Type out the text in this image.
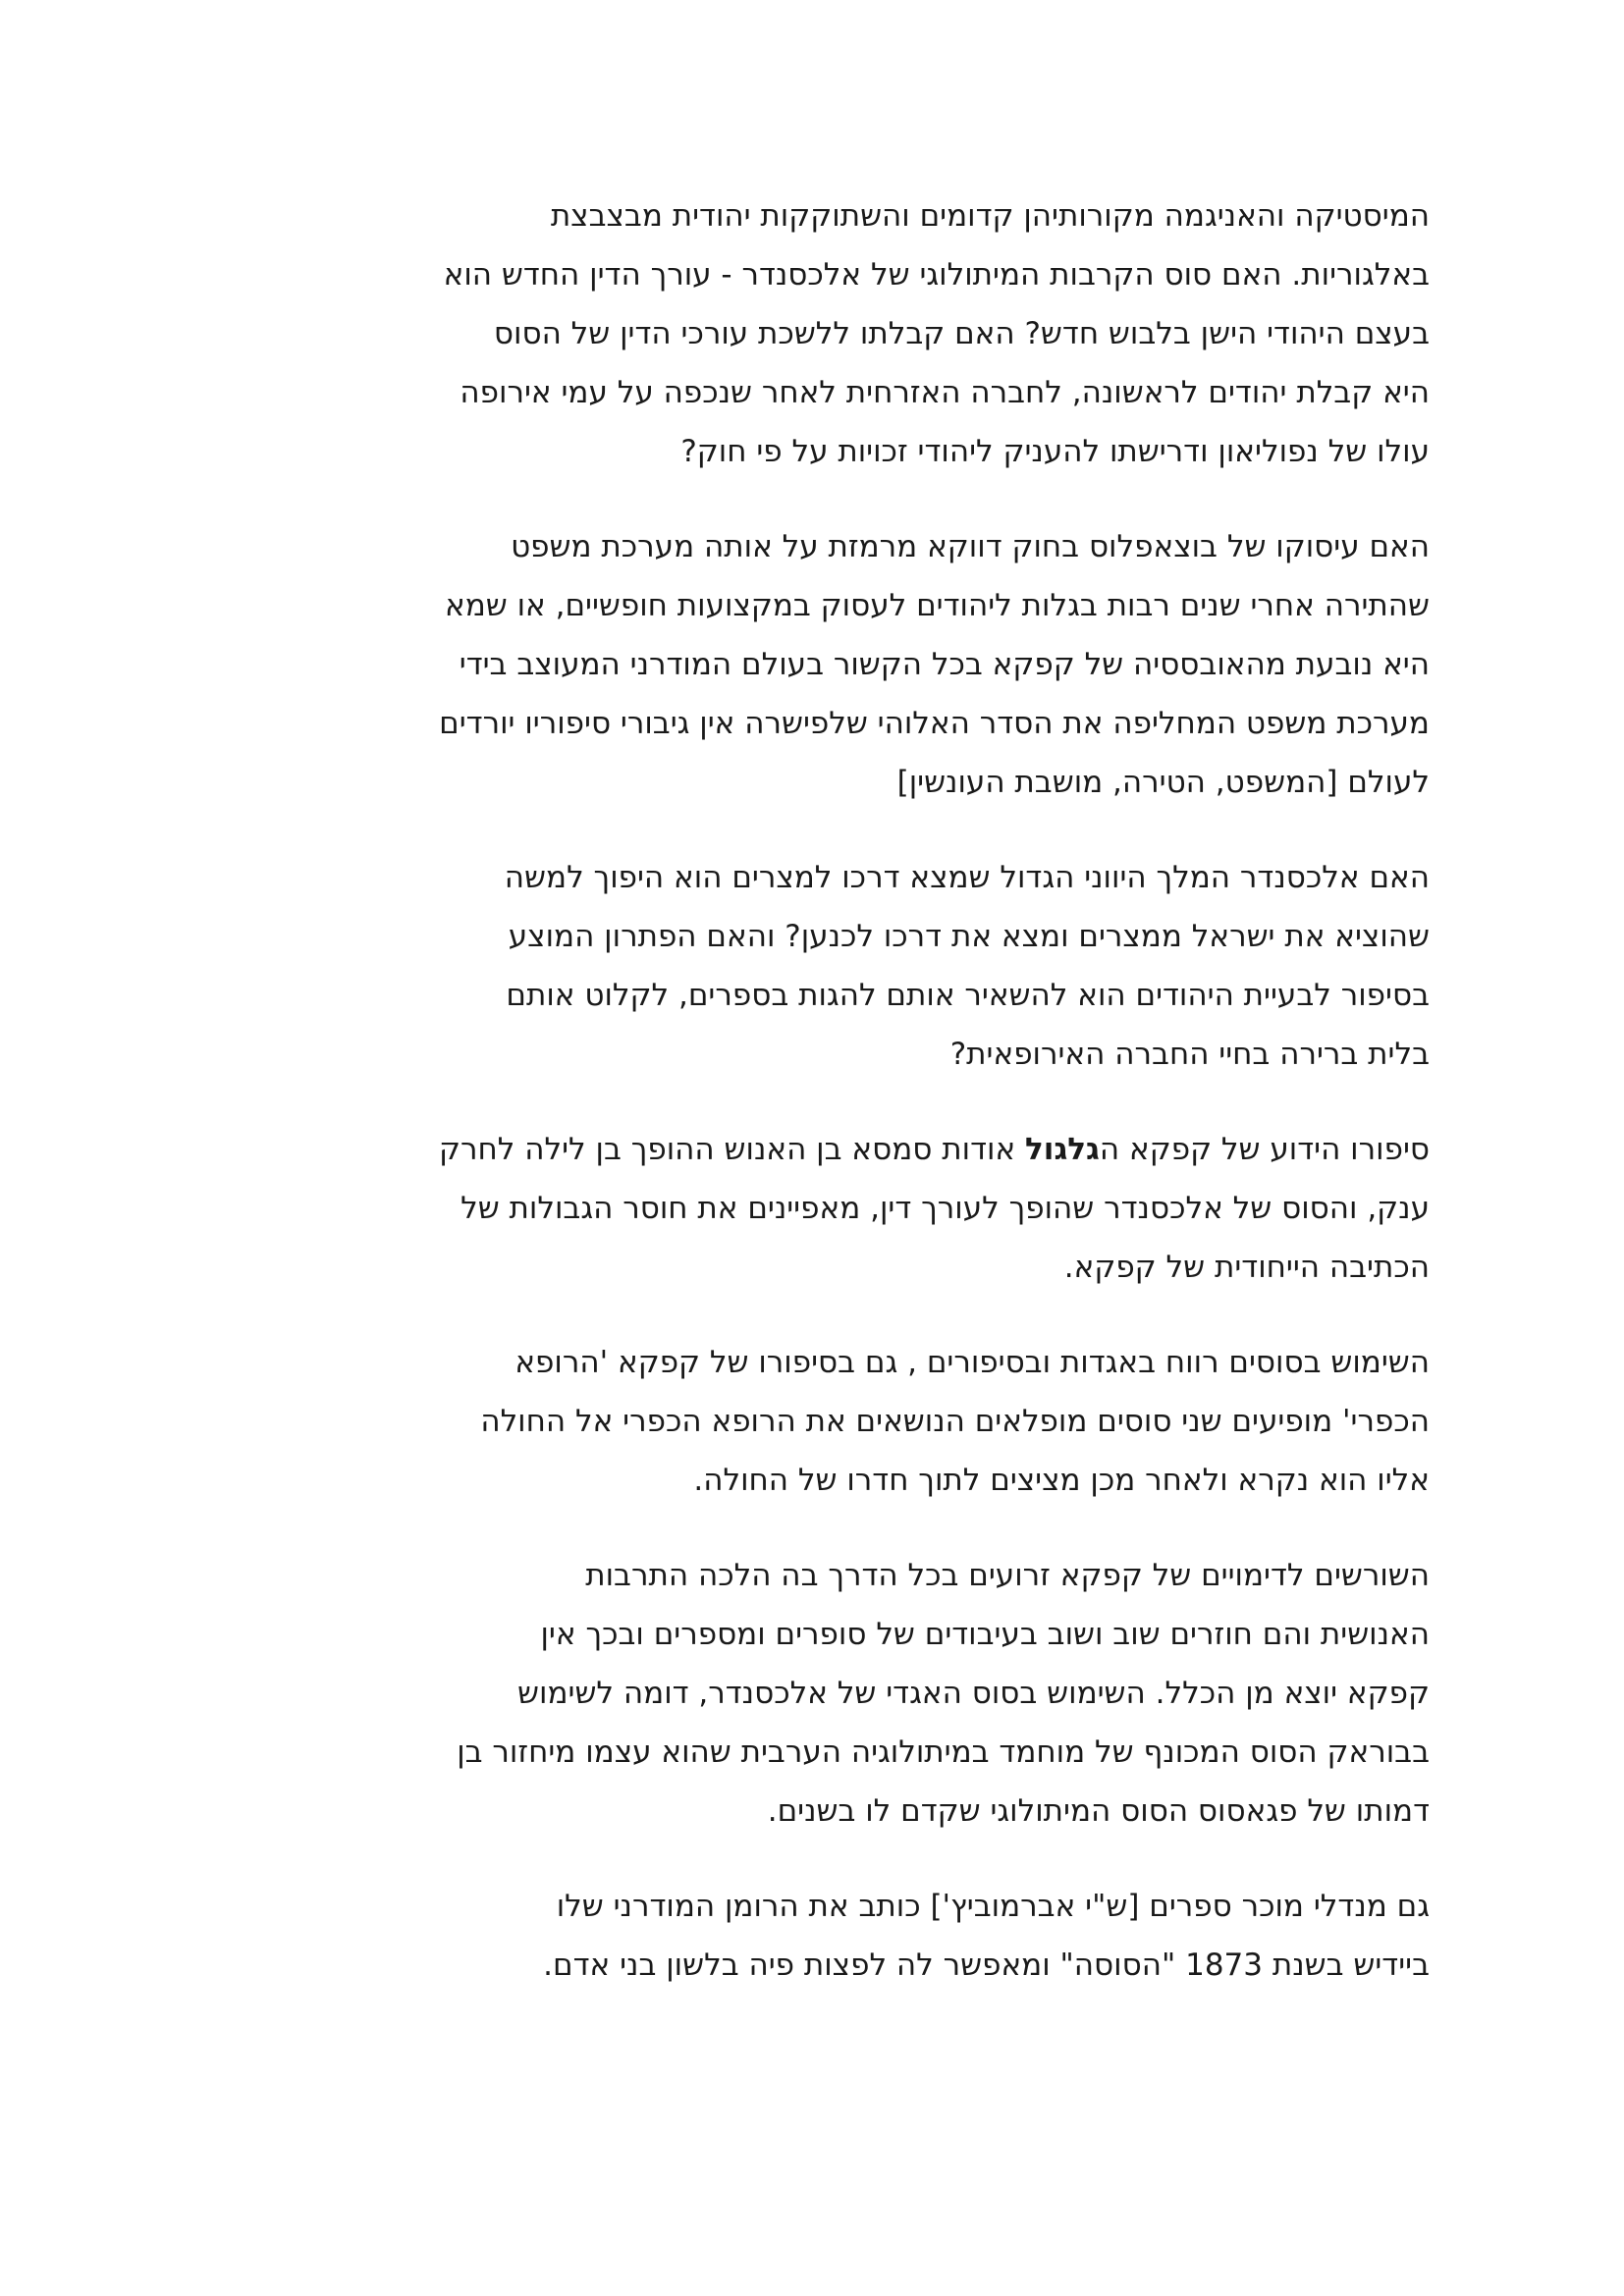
המיסטיקה והאניגמה מקורותיהן קדומים והשתוקקות יהודית מבצבצת
באלגוריות. האם סוס הקרבות המיתולוגי של אלכסנדר - עורך הדין החדש הוא
בעצם היהודי הישן בלבוש חדש? האם קבלתו ללשכת עורכי הדין של הסוס
היא קבלת יהודים לראשונה, לחברה האזרחית לאחר שנכפה על עמי אירופה
עולו של נפוליאון ודרישתו להעניק ליהודי זכויות על פי חוק?

האם עיסוקו של בוצאפלוס בחוק דווקא מרמזת על אותה מערכת משפט
שהתירה אחרי שנים רבות בגלות ליהודים לעסוק במקצועות חופשיים, או שמא
היא נובעת מהאובססיה של קפקא בכל הקשור בעולם המודרני המעוצב בידי
מערכת משפט המחליפה את הסדר האלוהי שלפישרה אין גיבורי סיפוריו יורדים
לעולם [המשפט, הטירה, מושבת העונשין]

האם אלכסנדר המלך היווני הגדול שמצא דרכו למצרים הוא היפוך למשה
שהוציא את ישראל ממצרים ומצא את דרכו לכנען? והאם הפתרון המוצע
בסיפור לבעיית היהודים הוא להשאיר אותם להגות בספרים, לקלוט אותם
בלית ברירה בחיי החברה האירופאית?

סיפורו הידוע של קפקא הגלגול אודות סמסא בן האנוש ההופך בן לילה לחרק
ענק, והסוס של אלכסנדר שהופך לעורך דין, מאפיינים את חוסר הגבולות של
הכתיבה הייחודית של קפקא.

השימוש בסוסים רווח באגדות ובסיפורים , גם בסיפורו של קפקא 'הרופא
הכפרי' מופיעים שני סוסים מופלאים הנושאים את הרופא הכפרי אל החולה
אליו הוא נקרא ולאחר מכן מציצים לתוך חדרו של החולה.

השורשים לדימויים של קפקא זרועים בכל הדרך בה הלכה התרבות
האנושית והם חוזרים שוב ושוב בעיבודים של סופרים ומספרים ובכך אין
קפקא יוצא מן הכלל. השימוש בסוס האגדי של אלכסנדר, דומה לשימוש
בבוראק הסוס המכונף של מוחמד במיתולוגיה הערבית שהוא עצמו מיחזור בן
דמותו של פגאסוס הסוס המיתולוגי שקדם לו בשנים.

גם מנדלי מוכר ספרים [ש"י אברמוביץ'] כותב את הרומן המודרני שלו
ביידיש בשנת 1873 "הסוסה" ומאפשר לה לפצות פיה בלשון בני אדם.
